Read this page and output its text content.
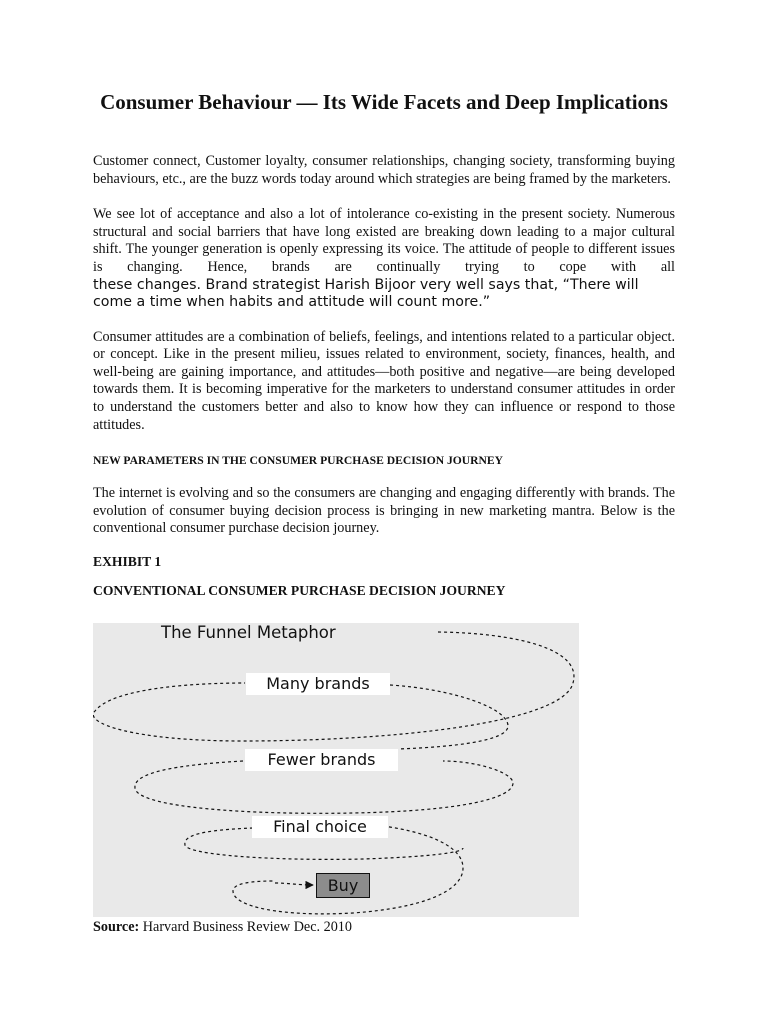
Consumer Behaviour — Its Wide Facets and Deep Implications

Customer connect, Customer loyalty, consumer relationships, changing society, transforming buying behaviours, etc., are the buzz words today around which strategies are being framed by the marketers.

We see lot of acceptance and also a lot of intolerance co-existing in the present society. Numerous structural and social barriers that have long existed are breaking down leading to a major cultural shift. The younger generation is openly expressing its voice. The attitude of people to different issues is changing. Hence, brands are continually trying to cope with all

these changes. Brand strategist Harish Bijoor very well says that, “There will come a time when habits and attitude will count more.”

Consumer attitudes are a combination of beliefs, feelings, and intentions related to a particular object. or concept. Like in the present milieu, issues related to environment, society, finances, health, and well-being are gaining importance, and attitudes—both positive and negative—are being developed towards them. It is becoming imperative for the marketers to understand consumer attitudes in order to understand the customers better and also to know how they can influence or respond to those attitudes.

NEW PARAMETERS IN THE CONSUMER PURCHASE DECISION JOURNEY

The internet is evolving and so the consumers are changing and engaging differently with brands. The evolution of consumer buying decision process is bringing in new marketing mantra. Below is the conventional consumer purchase decision journey.

EXHIBIT 1

CONVENTIONAL CONSUMER PURCHASE DECISION JOURNEY

The Funnel Metaphor
Many brands
Fewer brands
Final choice
Buy
Source: Harvard Business Review Dec. 2010
